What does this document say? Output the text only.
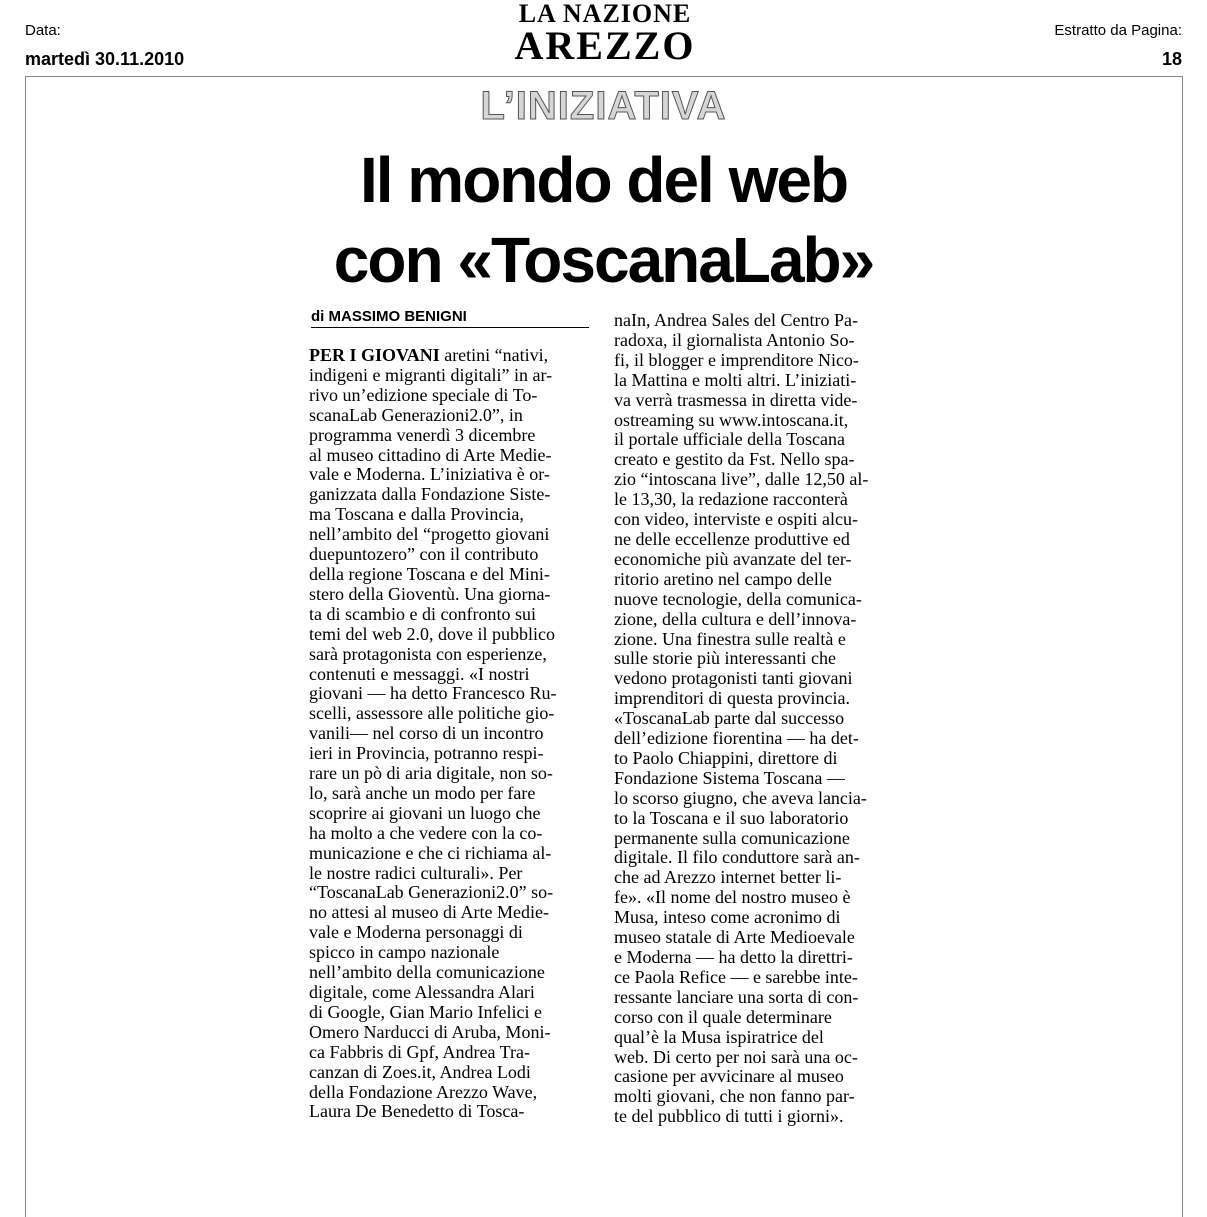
Data:
martedì 30.11.2010
LA NAZIONE
AREZZO	Estratto da Pagina:
18
L’INIZIATIVA
Il mondo del web
con «ToscanaLab»
di MASSIMO BENIGNI
PER I GIOVANI aretini “nativi,
indigeni e migranti digitali” in ar-
rivo un’edizione speciale di To-
scanaLab Generazioni2.0”, in
programma venerdì 3 dicembre
al museo cittadino di Arte Medie-
vale e Moderna. L’iniziativa è or-
ganizzata dalla Fondazione Siste-
ma Toscana e dalla Provincia,
nell’ambito del “progetto giovani
duepuntozero” con il contributo
della regione Toscana e del Mini-
stero della Gioventù. Una giorna-
ta di scambio e di confronto sui
temi del web 2.0, dove il pubblico
sarà protagonista con esperienze,
contenuti e messaggi. «I nostri
giovani — ha detto Francesco Ru-
scelli, assessore alle politiche gio-
vanili— nel corso di un incontro
ieri in Provincia, potranno respi-
rare un pò di aria digitale, non so-
lo, sarà anche un modo per fare
scoprire ai giovani un luogo che
ha molto a che vedere con la co-
municazione e che ci richiama al-
le nostre radici culturali». Per
“ToscanaLab Generazioni2.0” so-
no attesi al museo di Arte Medie-
vale e Moderna personaggi di
spicco in campo nazionale
nell’ambito della comunicazione
digitale, come Alessandra Alari
di Google, Gian Mario Infelici e
Omero Narducci di Aruba, Moni-
ca Fabbris di Gpf, Andrea Tra-
canzan di Zoes.it, Andrea Lodi
della Fondazione Arezzo Wave,
Laura De Benedetto di Tosca-
naIn, Andrea Sales del Centro Pa-
radoxa, il giornalista Antonio So-
fi, il blogger e imprenditore Nico-
la Mattina e molti altri. L’iniziati-
va verrà trasmessa in diretta vide-
ostreaming su www.intoscana.it,
il portale ufficiale della Toscana
creato e gestito da Fst. Nello spa-
zio “intoscana live”, dalle 12,50 al-
le 13,30, la redazione racconterà
con video, interviste e ospiti alcu-
ne delle eccellenze produttive ed
economiche più avanzate del ter-
ritorio aretino nel campo delle
nuove tecnologie, della comunica-
zione, della cultura e dell’innova-
zione. Una finestra sulle realtà e
sulle storie più interessanti che
vedono protagonisti tanti giovani
imprenditori di questa provincia.
«ToscanaLab parte dal successo
dell’edizione fiorentina — ha det-
to Paolo Chiappini, direttore di
Fondazione Sistema Toscana —
lo scorso giugno, che aveva lancia-
to la Toscana e il suo laboratorio
permanente sulla comunicazione
digitale. Il filo conduttore sarà an-
che ad Arezzo internet better li-
fe». «Il nome del nostro museo è
Musa, inteso come acronimo di
museo statale di Arte Medioevale
e Moderna — ha detto la direttri-
ce Paola Refice — e sarebbe inte-
ressante lanciare una sorta di con-
corso con il quale determinare
qual’è la Musa ispiratrice del
web. Di certo per noi sarà una oc-
casione per avvicinare al museo
molti giovani, che non fanno par-
te del pubblico di tutti i giorni».
